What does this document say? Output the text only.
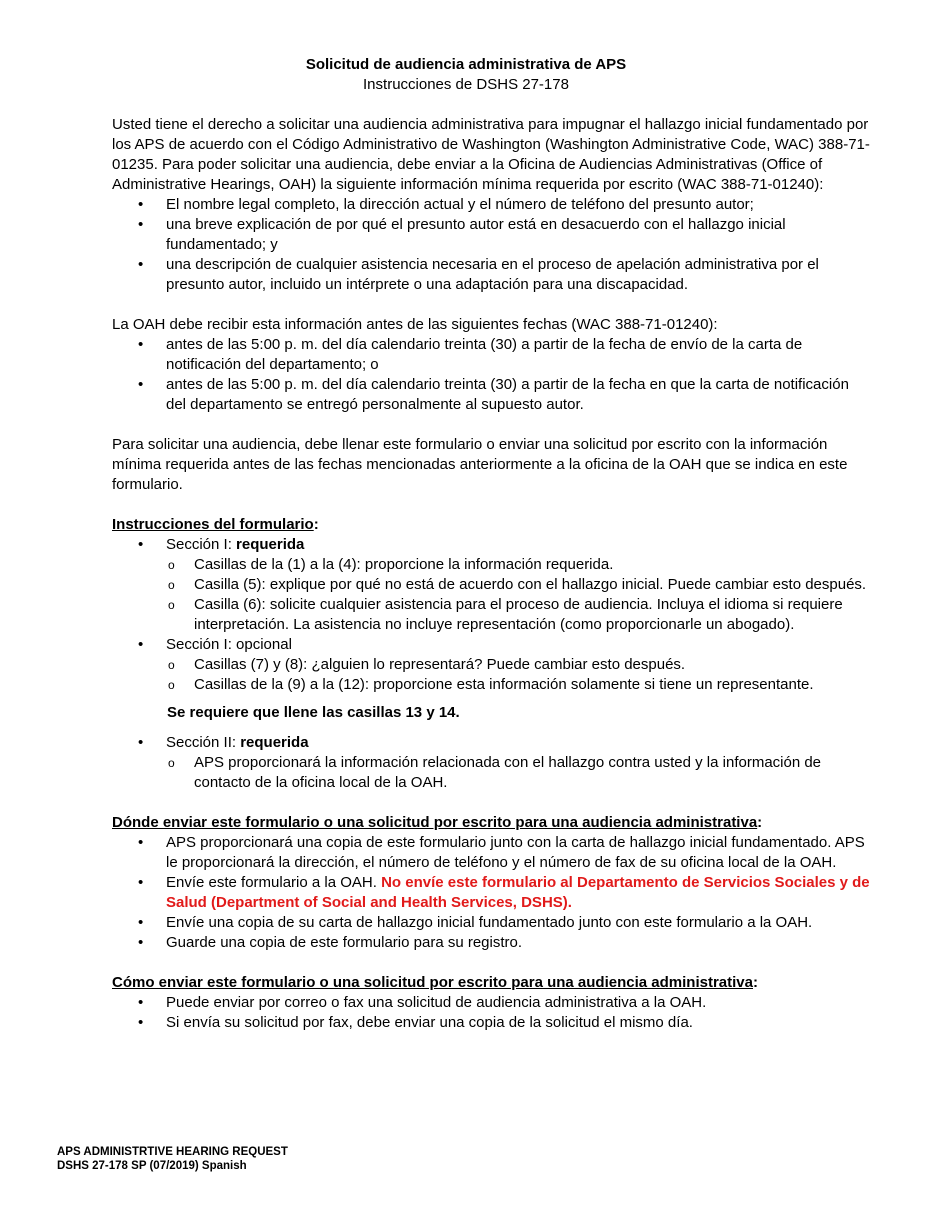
Solicitud de audiencia administrativa de APS
Instrucciones de DSHS 27-178

Usted tiene el derecho a solicitar una audiencia administrativa para impugnar el hallazgo inicial fundamentado por los APS de acuerdo con el Código Administrativo de Washington (Washington Administrative Code, WAC) 388-71-01235. Para poder solicitar una audiencia, debe enviar a la Oficina de Audiencias Administrativas (Office of Administrative Hearings, OAH) la siguiente información mínima requerida por escrito (WAC 388-71-01240):

• El nombre legal completo, la dirección actual y el número de teléfono del presunto autor;
• una breve explicación de por qué el presunto autor está en desacuerdo con el hallazgo inicial fundamentado; y
• una descripción de cualquier asistencia necesaria en el proceso de apelación administrativa por el presunto autor, incluido un intérprete o una adaptación para una discapacidad.

La OAH debe recibir esta información antes de las siguientes fechas (WAC 388-71-01240):

• antes de las 5:00 p. m. del día calendario treinta (30) a partir de la fecha de envío de la carta de notificación del departamento; o
• antes de las 5:00 p. m. del día calendario treinta (30) a partir de la fecha en que la carta de notificación del departamento se entregó personalmente al supuesto autor.

Para solicitar una audiencia, debe llenar este formulario o enviar una solicitud por escrito con la información mínima requerida antes de las fechas mencionadas anteriormente a la oficina de la OAH que se indica en este formulario.

Instrucciones del formulario:

• Sección I: requerida
o Casillas de la (1) a la (4): proporcione la información requerida.
o Casilla (5): explique por qué no está de acuerdo con el hallazgo inicial. Puede cambiar esto después.
o Casilla (6): solicite cualquier asistencia para el proceso de audiencia. Incluya el idioma si requiere interpretación. La asistencia no incluye representación (como proporcionarle un abogado).
• Sección I: opcional
o Casillas (7) y (8): ¿alguien lo representará? Puede cambiar esto después.
o Casillas de la (9) a la (12): proporcione esta información solamente si tiene un representante.

Se requiere que llene las casillas 13 y 14.

• Sección II: requerida
o APS proporcionará la información relacionada con el hallazgo contra usted y la información de contacto de la oficina local de la OAH.

Dónde enviar este formulario o una solicitud por escrito para una audiencia administrativa:

• APS proporcionará una copia de este formulario junto con la carta de hallazgo inicial fundamentado. APS le proporcionará la dirección, el número de teléfono y el número de fax de su oficina local de la OAH.
• Envíe este formulario a la OAH. No envíe este formulario al Departamento de Servicios Sociales y de Salud (Department of Social and Health Services, DSHS).
• Envíe una copia de su carta de hallazgo inicial fundamentado junto con este formulario a la OAH.
• Guarde una copia de este formulario para su registro.

Cómo enviar este formulario o una solicitud por escrito para una audiencia administrativa:

• Puede enviar por correo o fax una solicitud de audiencia administrativa a la OAH.
• Si envía su solicitud por fax, debe enviar una copia de la solicitud el mismo día.
APS ADMINISTRTIVE HEARING REQUEST
DSHS 27-178 SP (07/2019) Spanish
